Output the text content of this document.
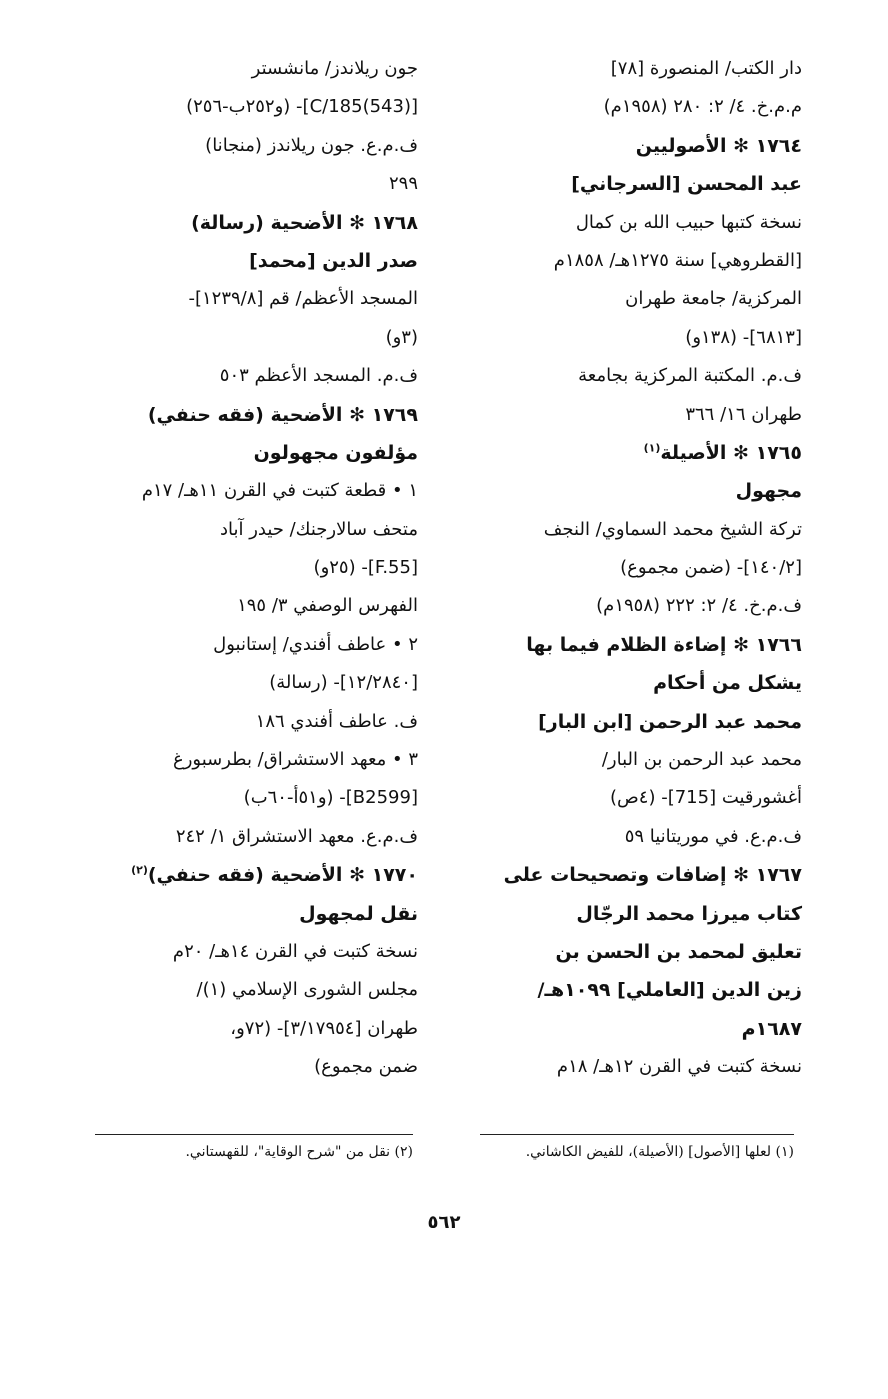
دار الكتب/ المنصورة [٧٨]
م.م.خ. ٤/ ٢: ٢٨٠ (١٩٥٨م)
١٧٦٤ ✻ الأصوليين
عبد المحسن [السرجاني]
نسخة كتبها حبيب الله بن كمال
[القطروهي] سنة ١٢٧٥هـ/ ١٨٥٨م
المركزية/ جامعة طهران
[٦٨١٣]- (١٣٨و)
ف.م. المكتبة المركزية بجامعة
طهران ١٦/ ٣٦٦
١٧٦٥ ✻ الأصيلة$^{(١)}$
مجهول
تركة الشيخ محمد السماوي/ النجف
[١٤٠/٢]- (ضمن مجموع)
ف.م.خ. ٤/ ٢: ٢٢٢ (١٩٥٨م)
١٧٦٦ ✻ إضاءة الظلام فيما بها
يشكل من أحكام
محمد عبد الرحمن [ابن البار]
محمد عبد الرحمن بن البار/
أغشورقيت [715]- (٤ص)
ف.م.ع. في موريتانيا ٥٩
١٧٦٧ ✻ إضافات وتصحيحات على
كتاب ميرزا محمد الرجّال
تعليق لمحمد بن الحسن بن
زين الدين [العاملي] ١٠٩٩هـ/
١٦٨٧م
نسخة كتبت في القرن ١٢هـ/ ١٨م
جون ريلاندز/ مانشستر
[C/185(543)]- (و٢٥٢ب-٢٥٦)
ف.م.ع. جون ريلاندز (منجانا)
٢٩٩
١٧٦٨ ✻ الأضحية (رسالة)
صدر الدين [محمد]
المسجد الأعظم/ قم [١٢٣٩/٨]-
(٣و)
ف.م. المسجد الأعظم ٥٠٣
١٧٦٩ ✻ الأضحية (فقه حنفي)
مؤلفون مجهولون
١ • قطعة كتبت في القرن ١١هـ/ ١٧م
متحف سالارجنك/ حيدر آباد
[F.55]- (٢٥و)
الفهرس الوصفي ٣/ ١٩٥
٢ • عاطف أفندي/ إستانبول
[١٢/٢٨٤٠]- (رسالة)
ف. عاطف أفندي ١٨٦
٣ • معهد الاستشراق/ بطرسبورغ
[B2599]- (و٥١أ-٦٠ب)
ف.م.ع. معهد الاستشراق ١/ ٢٤٢
١٧٧٠ ✻ الأضحية (فقه حنفي)$^{(٢)}$
نقل لمجهول
نسخة كتبت في القرن ١٤هـ/ ٢٠م
مجلس الشورى الإسلامي (١)/
طهران [٣/١٧٩٥٤]- (٧٢و،
ضمن مجموع)
(١) لعلها [الأصول] (الأصيلة)، للفيض الكاشاني.
(٢) نقل من "شرح الوقاية"، للقهستاني.
٥٦٢
